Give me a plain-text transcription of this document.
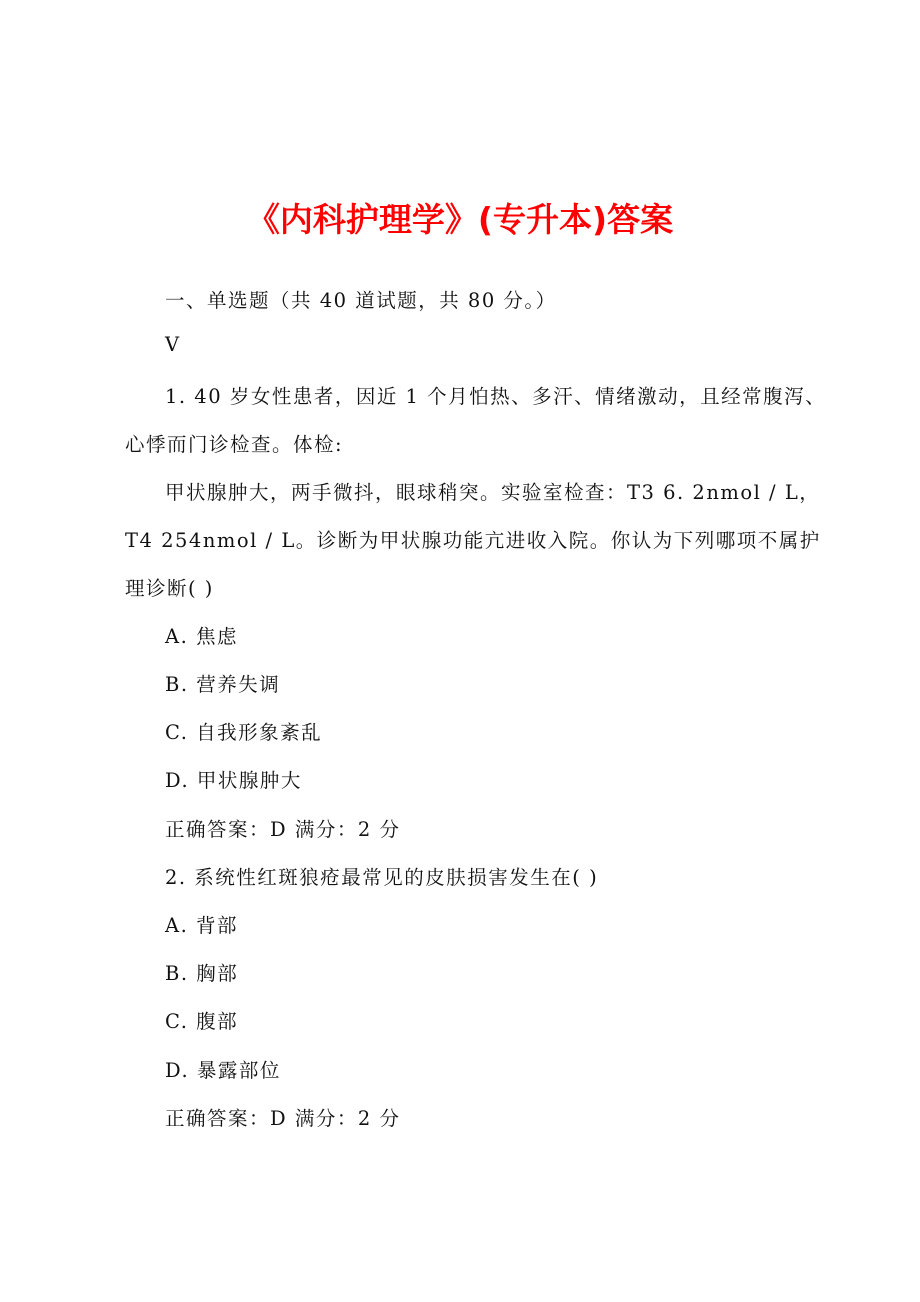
《内科护理学》(专升本)答案
一、单选题（共 40 道试题，共 80 分。）
V
1. 40 岁女性患者，因近 1 个月怕热、多汗、情绪激动，且经常腹泻、
心悸而门诊检查。体检:
甲状腺肿大，两手微抖，眼球稍突。实验室检查：T3 6. 2nmol / L，
T4 254nmol / L。诊断为甲状腺功能亢进收入院。你认为下列哪项不属护
理诊断( )
A. 焦虑
B. 营养失调
C. 自我形象紊乱
D. 甲状腺肿大
正确答案：D 满分：2 分
2. 系统性红斑狼疮最常见的皮肤损害发生在( )
A. 背部
B. 胸部
C. 腹部
D. 暴露部位
正确答案：D 满分：2 分
